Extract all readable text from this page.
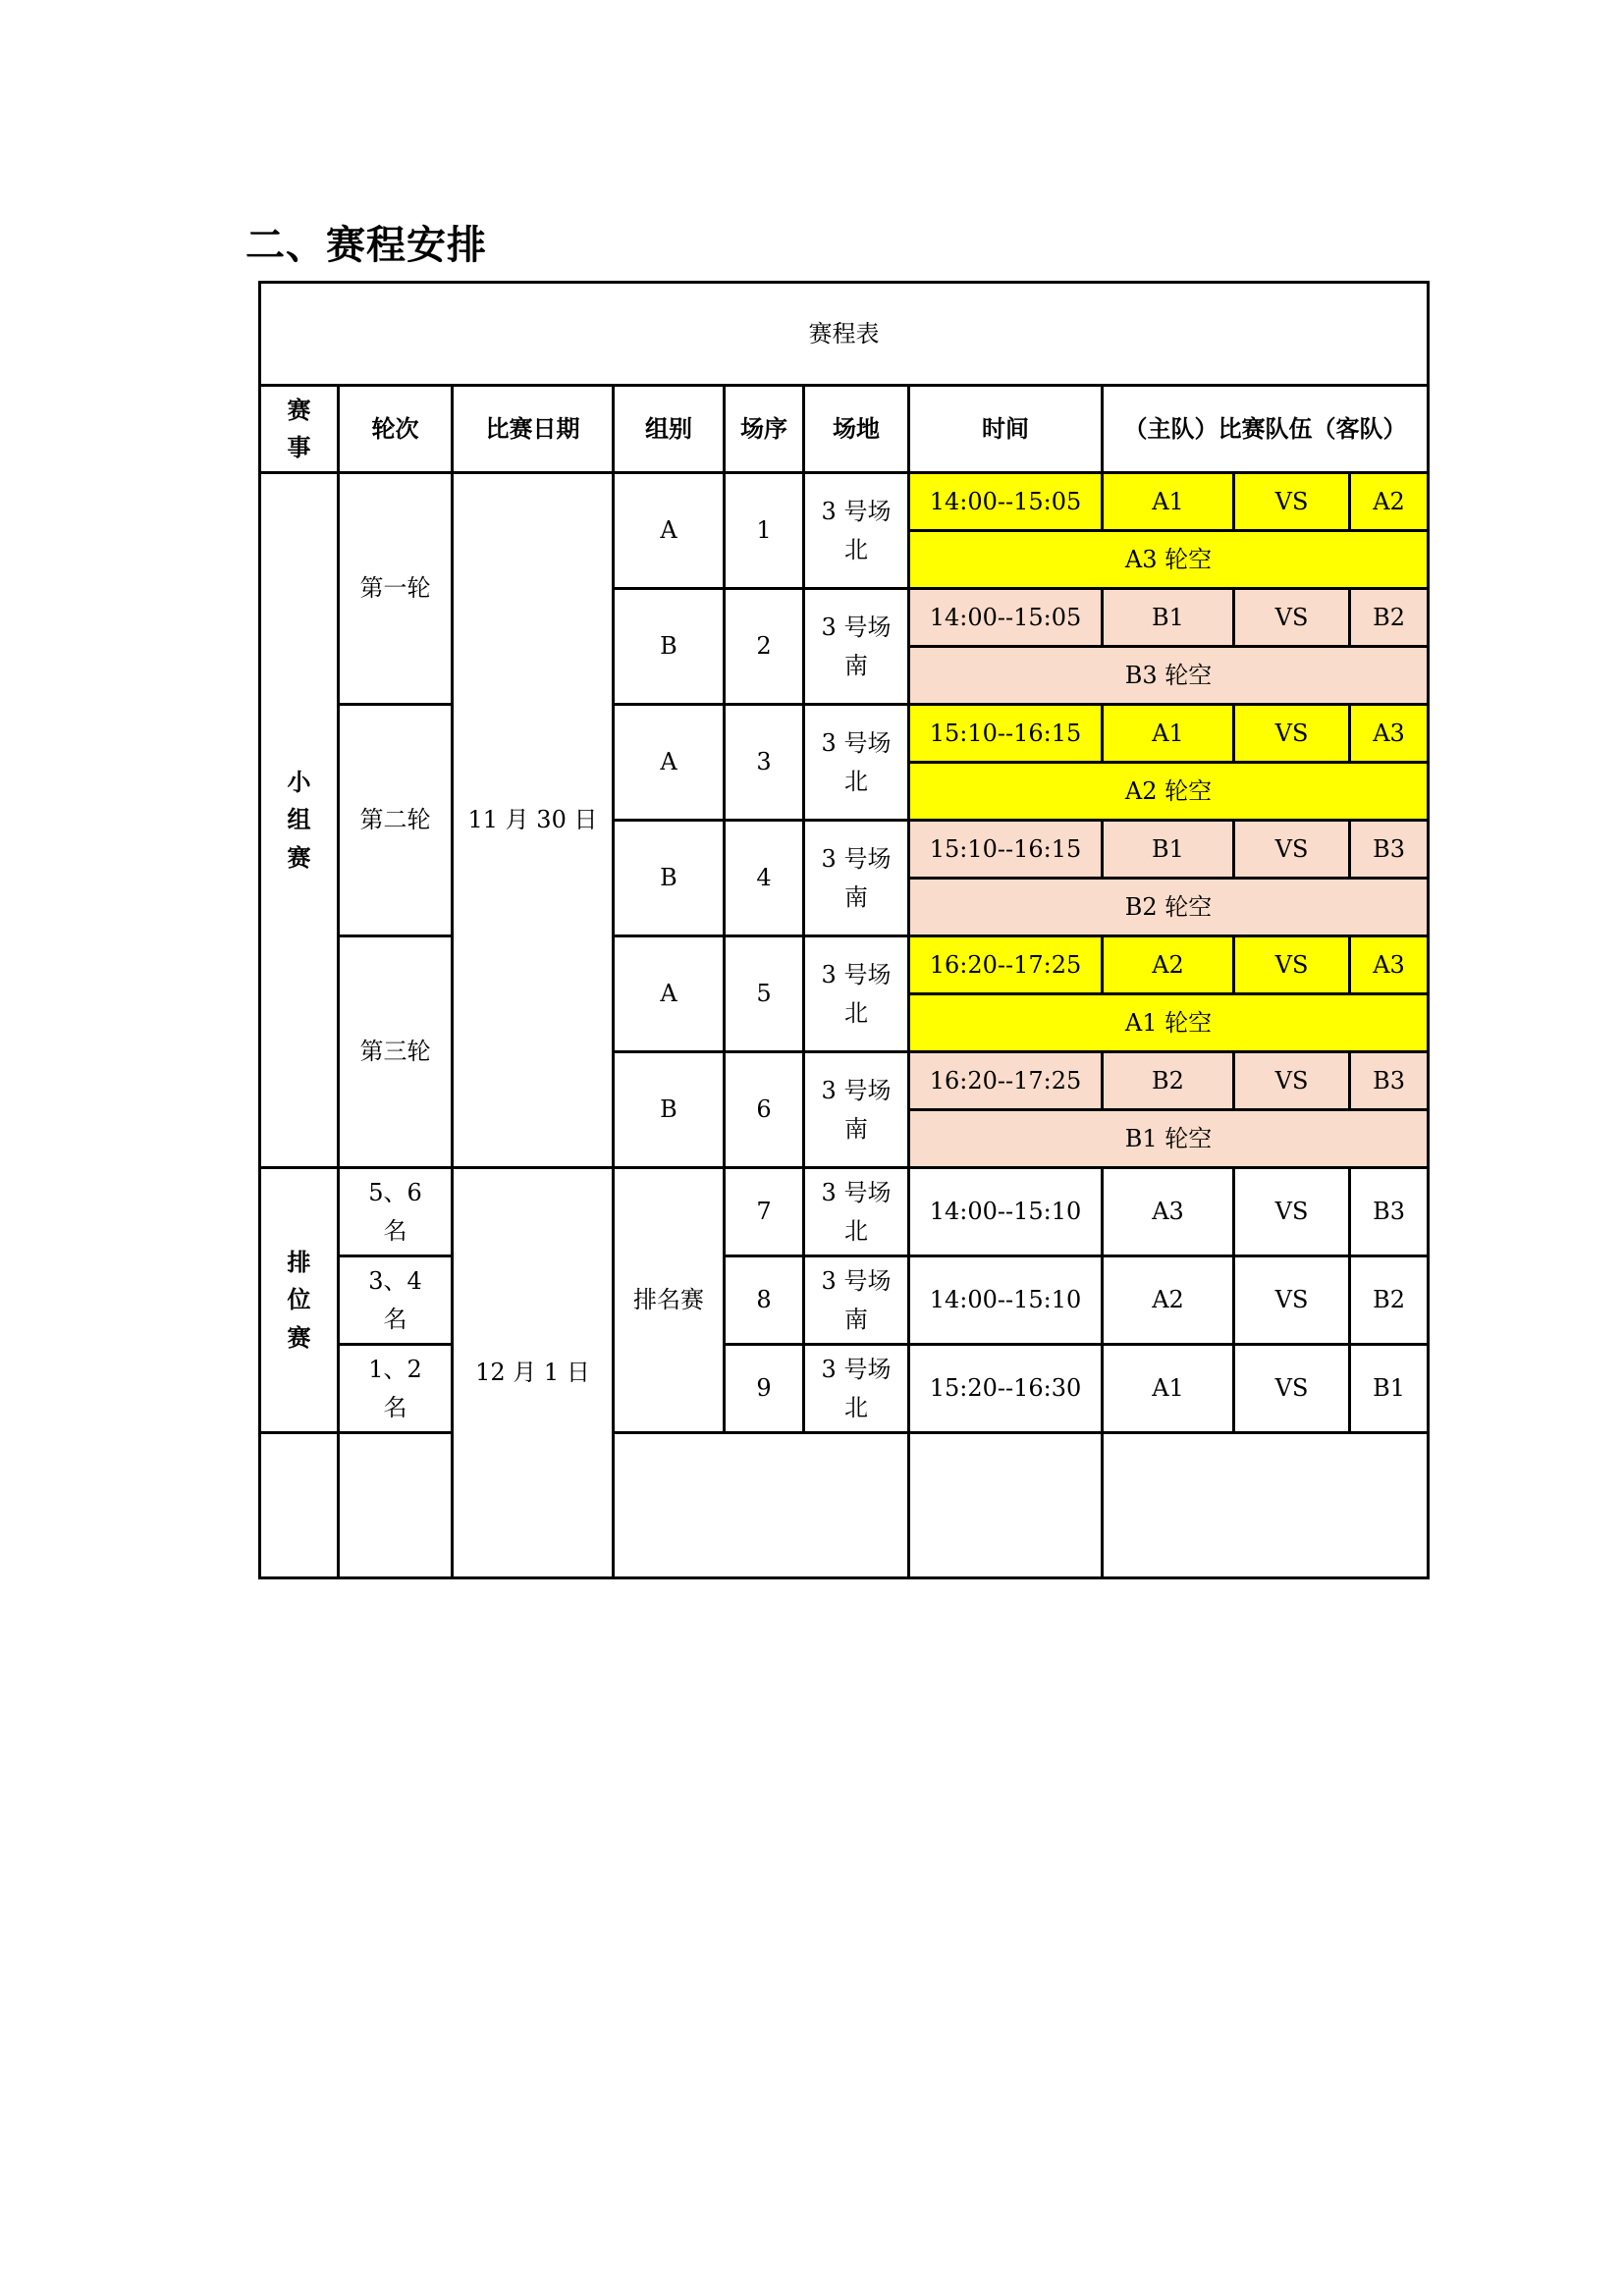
二、赛程安排
赛程表									
赛事	轮次	比赛日期	组别	场序	场地	时间	（主队）比赛队伍（客队）		
小组赛	第一轮	11 月 30 日	A	1	3 号场北	14:00--15:05	A1	VS	A2
						A3 轮空			
			B	2	3 号场南	14:00--15:05	B1	VS	B2
						B3 轮空			
	第二轮		A	3	3 号场北	15:10--16:15	A1	VS	A3
						A2 轮空			
			B	4	3 号场南	15:10--16:15	B1	VS	B3
						B2 轮空			
	第三轮		A	5	3 号场北	16:20--17:25	A2	VS	A3
						A1 轮空			
			B	6	3 号场南	16:20--17:25	B2	VS	B3
						B1 轮空			
排位赛	5、6 名	12 月 1 日	排名赛	7	3 号场北	14:00--15:10	A3	VS	B3
	3、4 名			8	3 号场南	14:00--15:10	A2	VS	B2
	1、2 名			9	3 号场北	15:20--16:30	A1	VS	B1
